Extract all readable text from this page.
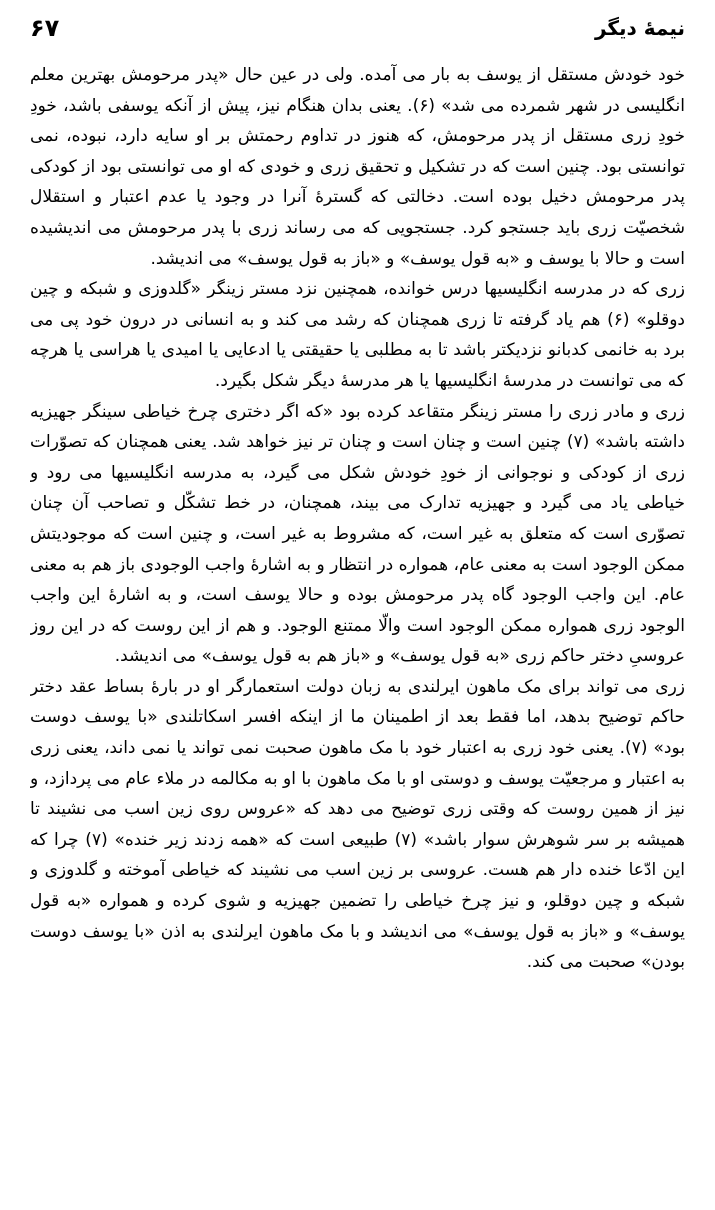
نیمهٔ دیگر
۶۷

خود خودش مستقل از یوسف به بار می آمده. ولی در عین حال «پدر مرحومش بهترین معلم انگلیسی در شهر شمرده می شد» (۶). یعنی بدان هنگام نیز، پیش از آنکه یوسفی باشد، خودِ خودِ زری مستقل از پدر مرحومش، که هنوز در تداوم رحمتش بر او سایه دارد، نبوده، نمی توانستی بود. چنین است که در تشکیل و تحقیق زری و خودی که او می توانستی بود از کودکی پدر مرحومش دخیل بوده است. دخالتی که گسترهٔ آنرا در وجود یا عدم اعتبار و استقلال شخصیّت زری باید جستجو کرد. جستجویی که می رساند زری با پدر مرحومش می اندیشیده است و حالا با یوسف و «به قول یوسف» و «باز به قول یوسف» می اندیشد.

زری که در مدرسه انگلیسیها درس خوانده، همچنین نزد مستر زینگر «گلدوزی و شبکه و چین دوقلو» (۶) هم یاد گرفته تا زری همچنان که رشد می کند و به انسانی در درون خود پی می برد به خانمی کدبانو نزدیکتر باشد تا به مطلبی یا حقیقتی یا ادعایی یا امیدی یا هراسی یا هرچه که می توانست در مدرسهٔ انگلیسیها یا هر مدرسهٔ دیگر شکل بگیرد.

زری و مادر زری را مستر زینگر متقاعد کرده بود «که اگر دختری چرخ خیاطی سینگر جهیزیه داشته باشد» (۷) چنین است و چنان است و چنان تر نیز خواهد شد. یعنی همچنان که تصوّرات زری از کودکی و نوجوانی از خودِ خودش شکل می گیرد، به مدرسه انگلیسیها می رود و خیاطی یاد می گیرد و جهیزیه تدارک می بیند، همچنان، در خط تشکّل و تصاحب آن چنان تصوّری است که متعلق به غیر است، که مشروط به غیر است، و چنین است که موجودیتش ممکن الوجود است به معنی عام، همواره در انتظار و به اشارهٔ واجب الوجودی باز هم به معنی عام. این واجب الوجود گاه پدر مرحومش بوده و حالا یوسف است، و به اشارهٔ این واجب الوجود زری همواره ممکن الوجود است والّا ممتنع الوجود. و هم از این روست که در این روز عروسیِ دختر حاکم زری «به قول یوسف» و «باز هم به قول یوسف» می اندیشد.

زری می تواند برای مک ماهون ایرلندی به زبان دولت استعمارگر او در بارهٔ بساط عقد دختر حاکم توضیح بدهد، اما فقط بعد از اطمینان ما از اینکه افسر اسکاتلندی «با یوسف دوست بود» (۷). یعنی خود زری به اعتبار خود با مک ماهون صحبت نمی تواند یا نمی داند، یعنی زری به اعتبار و مرجعیّت یوسف و دوستی او با مک ماهون با او به مکالمه در ملاء عام می پردازد، و نیز از همین روست که وقتی زری توضیح می دهد که «عروس روی زین اسب می نشیند تا همیشه بر سر شوهرش سوار باشد» (۷) طبیعی است که «همه زدند زیر خنده» (۷) چرا که این ادّعا خنده دار هم هست. عروسی بر زین اسب می نشیند که خیاطی آموخته و گلدوزی و شبکه و چین دوقلو، و نیز چرخ خیاطی را تضمین جهیزیه و شوی کرده و همواره «به قول یوسف» و «باز به قول یوسف» می اندیشد و با مک ماهون ایرلندی به اذن «با یوسف دوست بودن» صحبت می کند.
